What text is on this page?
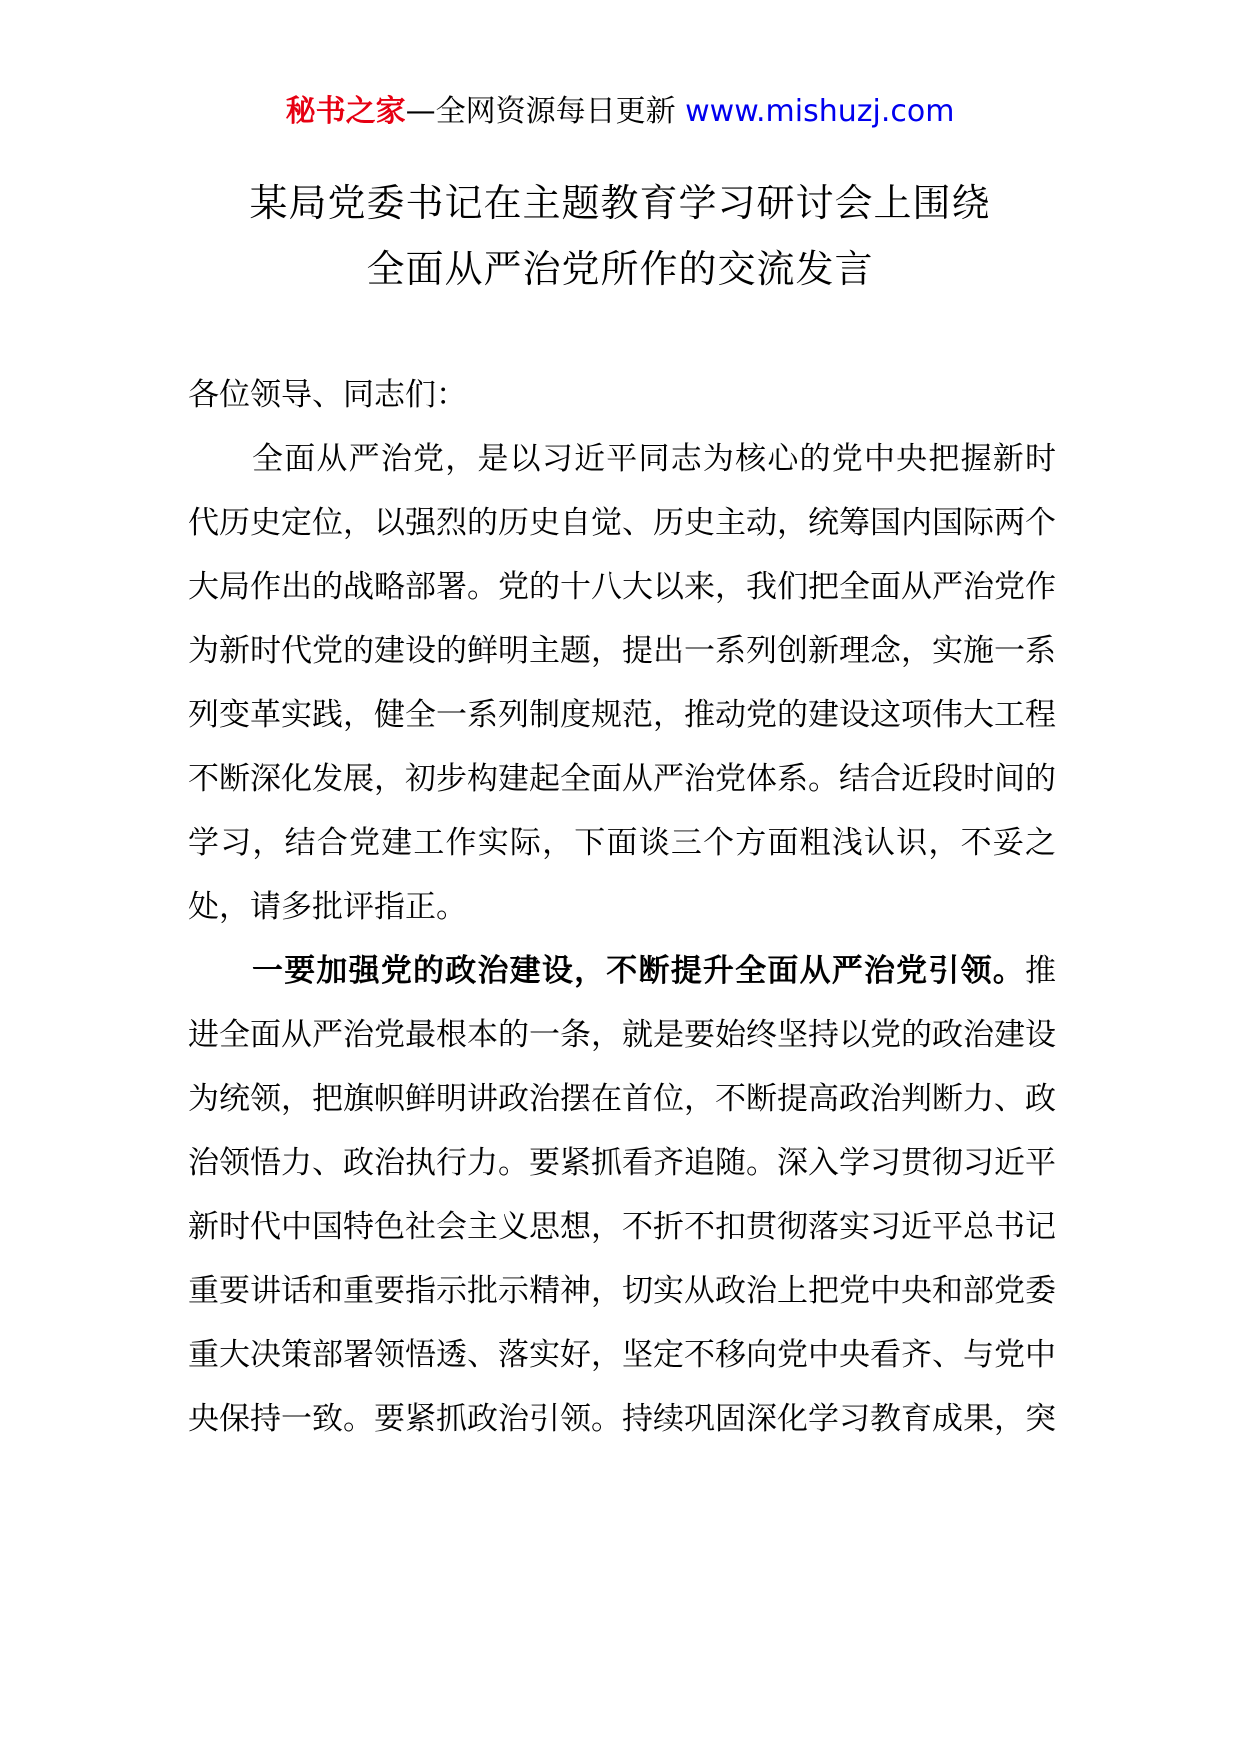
秘书之家—全网资源每日更新 www.mishuzj.com
某局党委书记在主题教育学习研讨会上围绕
全面从严治党所作的交流发言

各位领导、同志们：

全面从严治党，是以习近平同志为核心的党中央把握新时代历史定位，以强烈的历史自觉、历史主动，统筹国内国际两个大局作出的战略部署。党的十八大以来，我们把全面从严治党作为新时代党的建设的鲜明主题，提出一系列创新理念，实施一系列变革实践，健全一系列制度规范，推动党的建设这项伟大工程不断深化发展，初步构建起全面从严治党体系。结合近段时间的学习，结合党建工作实际，下面谈三个方面粗浅认识，不妥之处，请多批评指正。

一要加强党的政治建设，不断提升全面从严治党引领。推进全面从严治党最根本的一条，就是要始终坚持以党的政治建设为统领，把旗帜鲜明讲政治摆在首位，不断提高政治判断力、政治领悟力、政治执行力。要紧抓看齐追随。深入学习贯彻习近平新时代中国特色社会主义思想，不折不扣贯彻落实习近平总书记重要讲话和重要指示批示精神，切实从政治上把党中央和部党委重大决策部署领悟透、落实好，坚定不移向党中央看齐、与党中央保持一致。要紧抓政治引领。持续巩固深化学习教育成果，突
